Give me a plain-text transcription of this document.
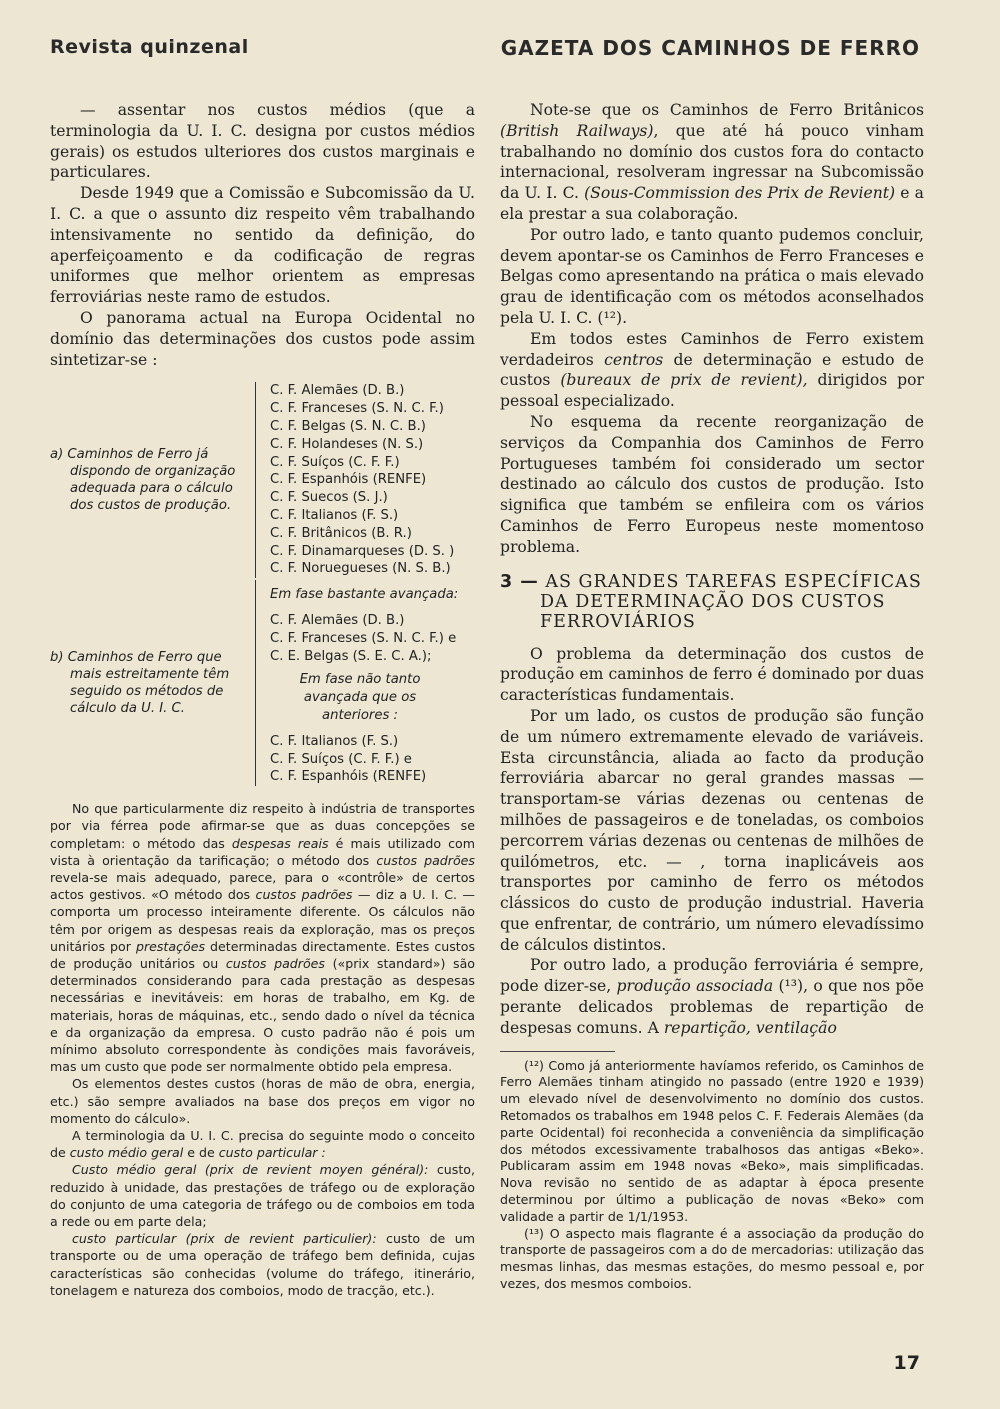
Revista quinzenal	GAZETA DOS CAMINHOS DE FERRO

— assentar nos custos médios (que a terminologia da U. I. C. designa por custos médios gerais) os estudos ulteriores dos custos marginais e particulares.

Desde 1949 que a Comissão e Subcomissão da U. I. C. a que o assunto diz respeito vêm trabalhando intensivamente no sentido da definição, do aperfeiçoamento e da codificação de regras uniformes que melhor orientem as empresas ferroviárias neste ramo de estudos.

O panorama actual na Europa Ocidental no domínio das determinações dos custos pode assim sintetizar-se :

a) Caminhos de Ferro já
dispondo de organização adequada para o cálculo dos custos de produção.
C. F. Alemães (D. B.)
C. F. Franceses (S. N. C. F.)
C. F. Belgas (S. N. C. B.)
C. F. Holandeses (N. S.)
C. F. Suíços (C. F. F.)
C. F. Espanhóis (RENFE)
C. F. Suecos (S. J.)
C. F. Italianos (F. S.)
C. F. Britânicos (B. R.)
C. F. Dinamarqueses (D. S. )
C. F. Noruegueses (N. S. B.)
b) Caminhos de Ferro que
mais estreitamente têm seguido os métodos de cálculo da U. I. C.
Em fase bastante avançada:
C. F. Alemães (D. B.)
C. F. Franceses (S. N. C. F.) e
C. E. Belgas (S. E. C. A.);
Em fase não tanto avançada que os anteriores :
C. F. Italianos (F. S.)
C. F. Suíços (C. F. F.) e
C. F. Espanhóis (RENFE)

No que particularmente diz respeito à indústria de transportes por via férrea pode afirmar-se que as duas concepções se completam: o método das despesas reais é mais utilizado com vista à orientação da tarificação; o método dos custos padrões revela-se mais adequado, parece, para o «contrôle» de certos actos gestivos. «O método dos custos padrões — diz a U. I. C. — comporta um processo inteiramente diferente. Os cálculos não têm por origem as despesas reais da exploração, mas os preços unitários por prestações determinadas directamente. Estes custos de produção unitários ou custos padrões («prix standard») são determinados considerando para cada prestação as despesas necessárias e inevitáveis: em horas de trabalho, em Kg. de materiais, horas de máquinas, etc., sendo dado o nível da técnica e da organização da empresa. O custo padrão não é pois um mínimo absoluto correspondente às condições mais favoráveis, mas um custo que pode ser normalmente obtido pela empresa.

Os elementos destes custos (horas de mão de obra, energia, etc.) são sempre avaliados na base dos preços em vigor no momento do cálculo».

A terminologia da U. I. C. precisa do seguinte modo o conceito de custo médio geral e de custo particular :

Custo médio geral (prix de revient moyen général): custo, reduzido à unidade, das prestações de tráfego ou de exploração do conjunto de uma categoria de tráfego ou de comboios em toda a rede ou em parte dela;

custo particular (prix de revient particulier): custo de um transporte ou de uma operação de tráfego bem definida, cujas características são conhecidas (volume do tráfego, itinerário, tonelagem e natureza dos comboios, modo de tracção, etc.).

Note-se que os Caminhos de Ferro Britânicos (British Railways), que até há pouco vinham trabalhando no domínio dos custos fora do contacto internacional, resolveram ingressar na Subcomissão da U. I. C. (Sous-Commission des Prix de Revient) e a ela prestar a sua colaboração.

Por outro lado, e tanto quanto pudemos concluir, devem apontar-se os Caminhos de Ferro Franceses e Belgas como apresentando na prática o mais elevado grau de identificação com os métodos aconselhados pela U. I. C. (¹²).

Em todos estes Caminhos de Ferro existem verdadeiros centros de determinação e estudo de custos (bureaux de prix de revient), dirigidos por pessoal especializado.

No esquema da recente reorganização de serviços da Companhia dos Caminhos de Ferro Portugueses também foi considerado um sector destinado ao cálculo dos custos de produção. Isto significa que também se enfileira com os vários Caminhos de Ferro Europeus neste momentoso problema.

3 — AS GRANDES TAREFAS ESPECÍFICAS
DA DETERMINAÇÃO DOS CUSTOS
FERROVIÁRIOS

O problema da determinação dos custos de produção em caminhos de ferro é dominado por duas características fundamentais.

Por um lado, os custos de produção são função de um número extremamente elevado de variáveis. Esta circunstância, aliada ao facto da produção ferroviária abarcar no geral grandes massas — transportam-se várias dezenas ou centenas de milhões de passageiros e de toneladas, os comboios percorrem várias dezenas ou centenas de milhões de quilómetros, etc. — , torna inaplicáveis aos transportes por caminho de ferro os métodos clássicos do custo de produção industrial. Haveria que enfrentar, de contrário, um número elevadíssimo de cálculos distintos.

Por outro lado, a produção ferroviária é sempre, pode dizer-se, produção associada (¹³), o que nos põe perante delicados problemas de repartição de despesas comuns. A repartição, ventilação

(¹²) Como já anteriormente havíamos referido, os Caminhos de Ferro Alemães tinham atingido no passado (entre 1920 e 1939) um elevado nível de desenvolvimento no domínio dos custos. Retomados os trabalhos em 1948 pelos C. F. Federais Alemães (da parte Ocidental) foi reconhecida a conveniência da simplificação dos métodos excessivamente trabalhosos das antigas «Beko». Publicaram assim em 1948 novas «Beko», mais simplificadas. Nova revisão no sentido de as adaptar à época presente determinou por último a publicação de novas «Beko» com validade a partir de 1/1/1953.

(¹³) O aspecto mais flagrante é a associação da produção do transporte de passageiros com a do de mercadorias: utilização das mesmas linhas, das mesmas estações, do mesmo pessoal e, por vezes, dos mesmos comboios.

17
